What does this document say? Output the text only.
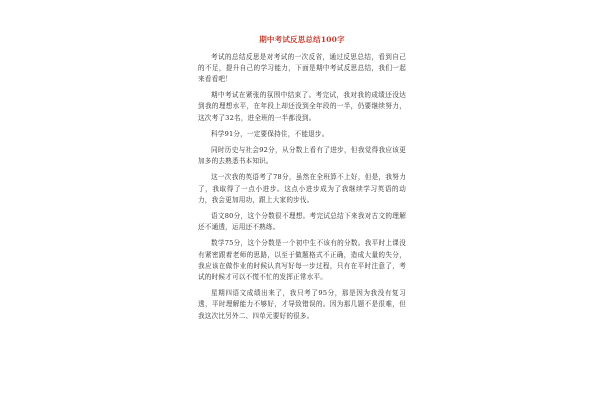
期中考试反思总结100字

考试的总结反思是对考试的一次反省，通过反思总结，看到自己的不足，提升自己的学习能力，下面是期中考试反思总结，我们一起来看看吧！

期中考试在紧张的氛围中结束了。考完试，我对我的成绩还没达到我的理想水平，在年段上却还没到全年段的一半，仍要继续努力，这次考了32名，进全班的一半都没到。

科学91分，一定要保持住，不能退步。

同时历史与社会92分，从分数上看有了进步，但我觉得我应该更加多的去熟悉书本知识。

这一次我的英语考了78分，虽然在全班算不上好，但是，我努力了，我取得了一点小进步。这点小进步成为了我继续学习英语的动力，我会更加用功，跟上大家的步伐。

语文80分，这个分数很不理想。考完试总结下来我对古文的理解还不通透，运用还不熟练。

数学75分，这个分数是一个初中生不该有的分数。我平时上课没有紧密跟着老师的思路，以至于做题格式不正确，造成大量的失分，我应该在做作业的时候认真写好每一步过程，只有在平时注意了，考试的时候才可以不慌不忙的发挥正常水平。

星期四语文成绩出来了，我只考了95分，那是因为我没有复习透，平时理解能力不够好，才导致错误的。因为那几题不是很难，但我这次比另外二、四单元要好的很多。
